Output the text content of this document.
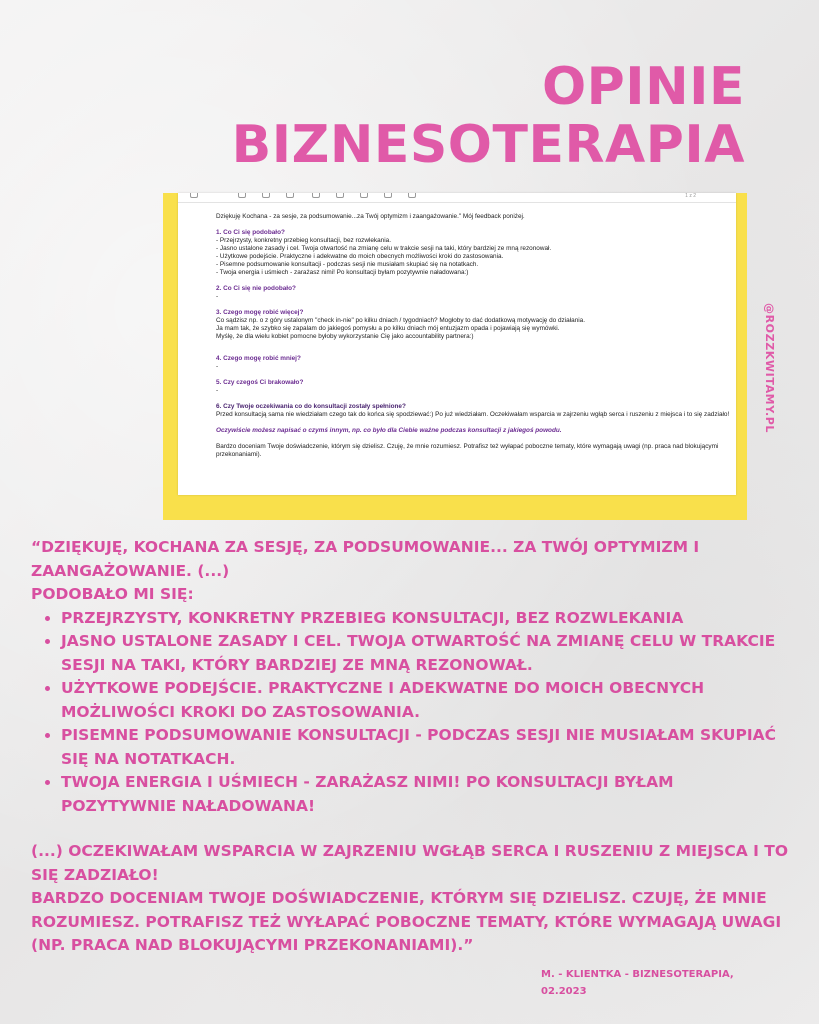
OPINIE
BIZNESOTERAPIA
1 z 2

Dziękuję Kochana - za sesje, za podsumowanie...za Twój optymizm i zaangażowanie." Mój feedback poniżej.

1. Co Ci się podobało?

- Przejrzysty, konkretny przebieg konsultacji, bez rozwlekania.

- Jasno ustalone zasady i cel. Twoja otwartość na zmianę celu w trakcie sesji na taki, który bardziej ze mną rezonował.

- Użytkowe podejście. Praktyczne i adekwatne do moich obecnych możliwości kroki do zastosowania.

- Pisemne podsumowanie konsultacji - podczas sesji nie musiałam skupiać się na notatkach.

- Twoja energia i uśmiech - zarażasz nimi! Po konsultacji byłam pozytywnie naładowana:)

2. Co Ci się nie podobało?

-

3. Czego mogę robić więcej?

Co sądzisz np. o z góry ustalonym "check in-nie" po kilku dniach / tygodniach? Mogłoby to dać dodatkową motywację do działania.

Ja mam tak, że szybko się zapalam do jakiegoś pomysłu a po kilku dniach mój entuzjazm opada i pojawiają się wymówki.

Myślę, że dla wielu kobiet pomocne byłoby wykorzystanie Cię jako accountability partnera:)

4. Czego mogę robić mniej?

-

5. Czy czegoś Ci brakowało?

-

6. Czy Twoje oczekiwania co do konsultacji zostały spełnione?

Przed konsultacją sama nie wiedziałam czego tak do końca się spodziewać:) Po już wiedziałam. Oczekiwałam wsparcia w zajrzeniu wgłąb serca i ruszeniu z miejsca i to się zadziało!

Oczywiście możesz napisać o czymś innym, np. co było dla Ciebie ważne podczas konsultacji z jakiegoś powodu.

Bardzo doceniam Twoje doświadczenie, którym się dzielisz. Czuję, że mnie rozumiesz. Potrafisz też wyłapać poboczne tematy, które wymagają uwagi (np. praca nad blokującymi przekonaniami).

@ROZZKWITAMY.PL

“DZIĘKUJĘ, KOCHANA ZA SESJĘ, ZA PODSUMOWANIE... ZA TWÓJ OPTYMIZM I ZAANGAŻOWANIE. (...)

PODOBAŁO MI SIĘ:

• PRZEJRZYSTY, KONKRETNY PRZEBIEG KONSULTACJI, BEZ ROZWLEKANIA
• JASNO USTALONE ZASADY I CEL. TWOJA OTWARTOŚĆ NA ZMIANĘ CELU W TRAKCIE SESJI NA TAKI, KTÓRY BARDZIEJ ZE MNĄ REZONOWAŁ.
• UŻYTKOWE PODEJŚCIE. PRAKTYCZNE I ADEKWATNE DO MOICH OBECNYCH MOŻLIWOŚCI KROKI DO ZASTOSOWANIA.
• PISEMNE PODSUMOWANIE KONSULTACJI - PODCZAS SESJI NIE MUSIAŁAM SKUPIAĆ SIĘ NA NOTATKACH.
• TWOJA ENERGIA I UŚMIECH - ZARAŻASZ NIMI! PO KONSULTACJI BYŁAM POZYTYWNIE NAŁADOWANA!

(...) OCZEKIWAŁAM WSPARCIA W ZAJRZENIU WGŁĄB SERCA I RUSZENIU Z MIEJSCA I TO SIĘ ZADZIAŁO!

BARDZO DOCENIAM TWOJE DOŚWIADCZENIE, KTÓRYM SIĘ DZIELISZ. CZUJĘ, ŻE MNIE ROZUMIESZ. POTRAFISZ TEŻ WYŁAPAĆ POBOCZNE TEMATY, KTÓRE WYMAGAJĄ UWAGI (NP. PRACA NAD BLOKUJĄCYMI PRZEKONANIAMI).”

M. - KLIENTKA - BIZNESOTERAPIA,
02.2023
